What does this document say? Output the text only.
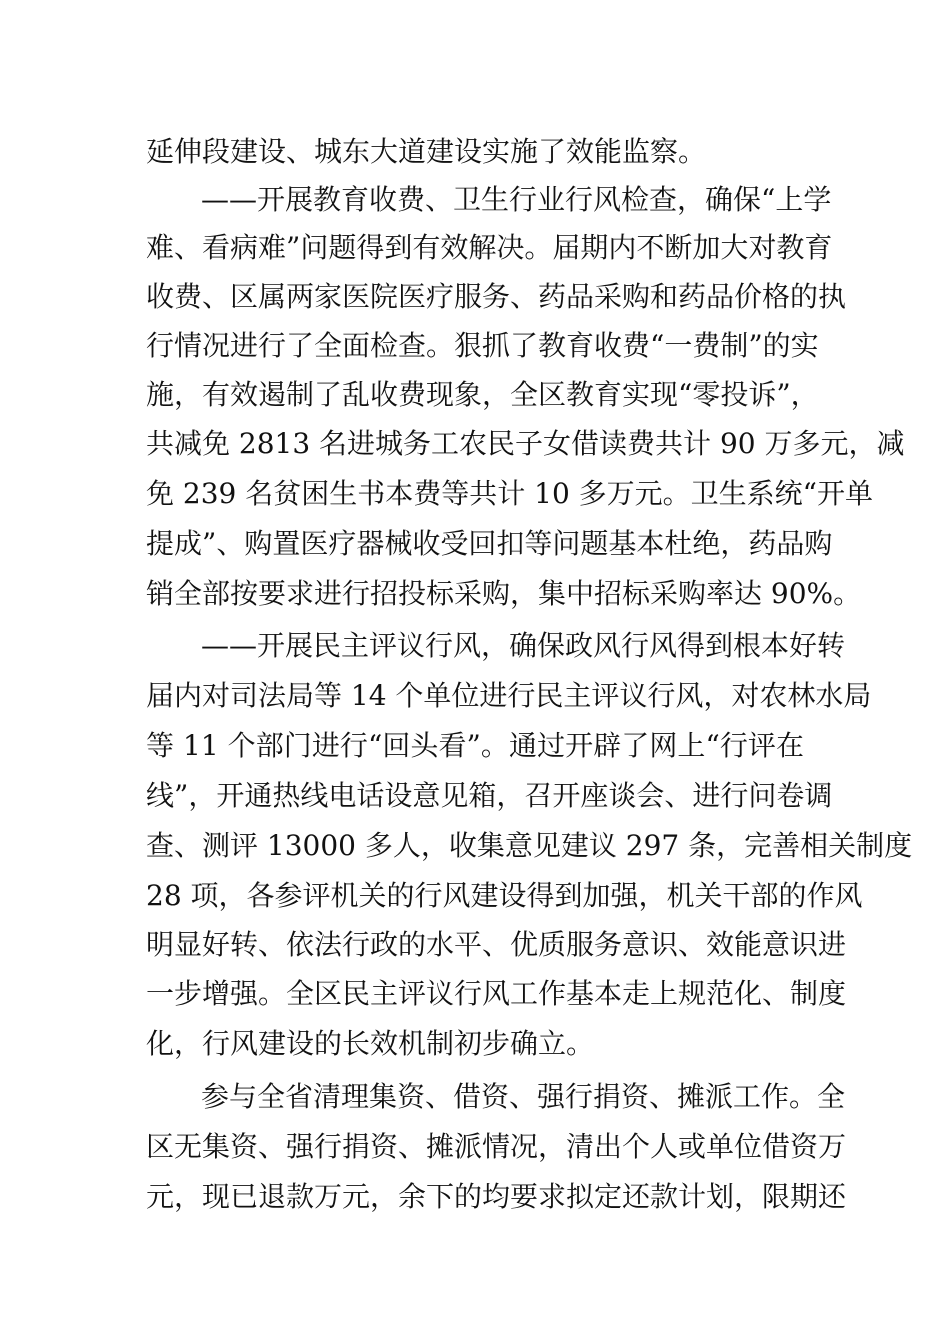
延伸段建设、城东大道建设实施了效能监察。
——开展教育收费、卫生行业行风检查，确保“上学
难、看病难”问题得到有效解决。届期内不断加大对教育
收费、区属两家医院医疗服务、药品采购和药品价格的执
行情况进行了全面检查。狠抓了教育收费“一费制”的实
施，有效遏制了乱收费现象，全区教育实现“零投诉”，
共减免 2813 名进城务工农民子女借读费共计 90 万多元，减
免 239 名贫困生书本费等共计 10 多万元。卫生系统“开单
提成”、购置医疗器械收受回扣等问题基本杜绝，药品购
销全部按要求进行招投标采购，集中招标采购率达 90%。
——开展民主评议行风，确保政风行风得到根本好转
届内对司法局等 14 个单位进行民主评议行风，对农林水局
等 11 个部门进行“回头看”。通过开辟了网上“行评在
线”，开通热线电话设意见箱，召开座谈会、进行问卷调
查、测评 13000 多人，收集意见建议 297 条，完善相关制度
28 项，各参评机关的行风建设得到加强，机关干部的作风
明显好转、依法行政的水平、优质服务意识、效能意识进
一步增强。全区民主评议行风工作基本走上规范化、制度
化，行风建设的长效机制初步确立。
参与全省清理集资、借资、强行捐资、摊派工作。全
区无集资、强行捐资、摊派情况，清出个人或单位借资万
元，现已退款万元，余下的均要求拟定还款计划，限期还
